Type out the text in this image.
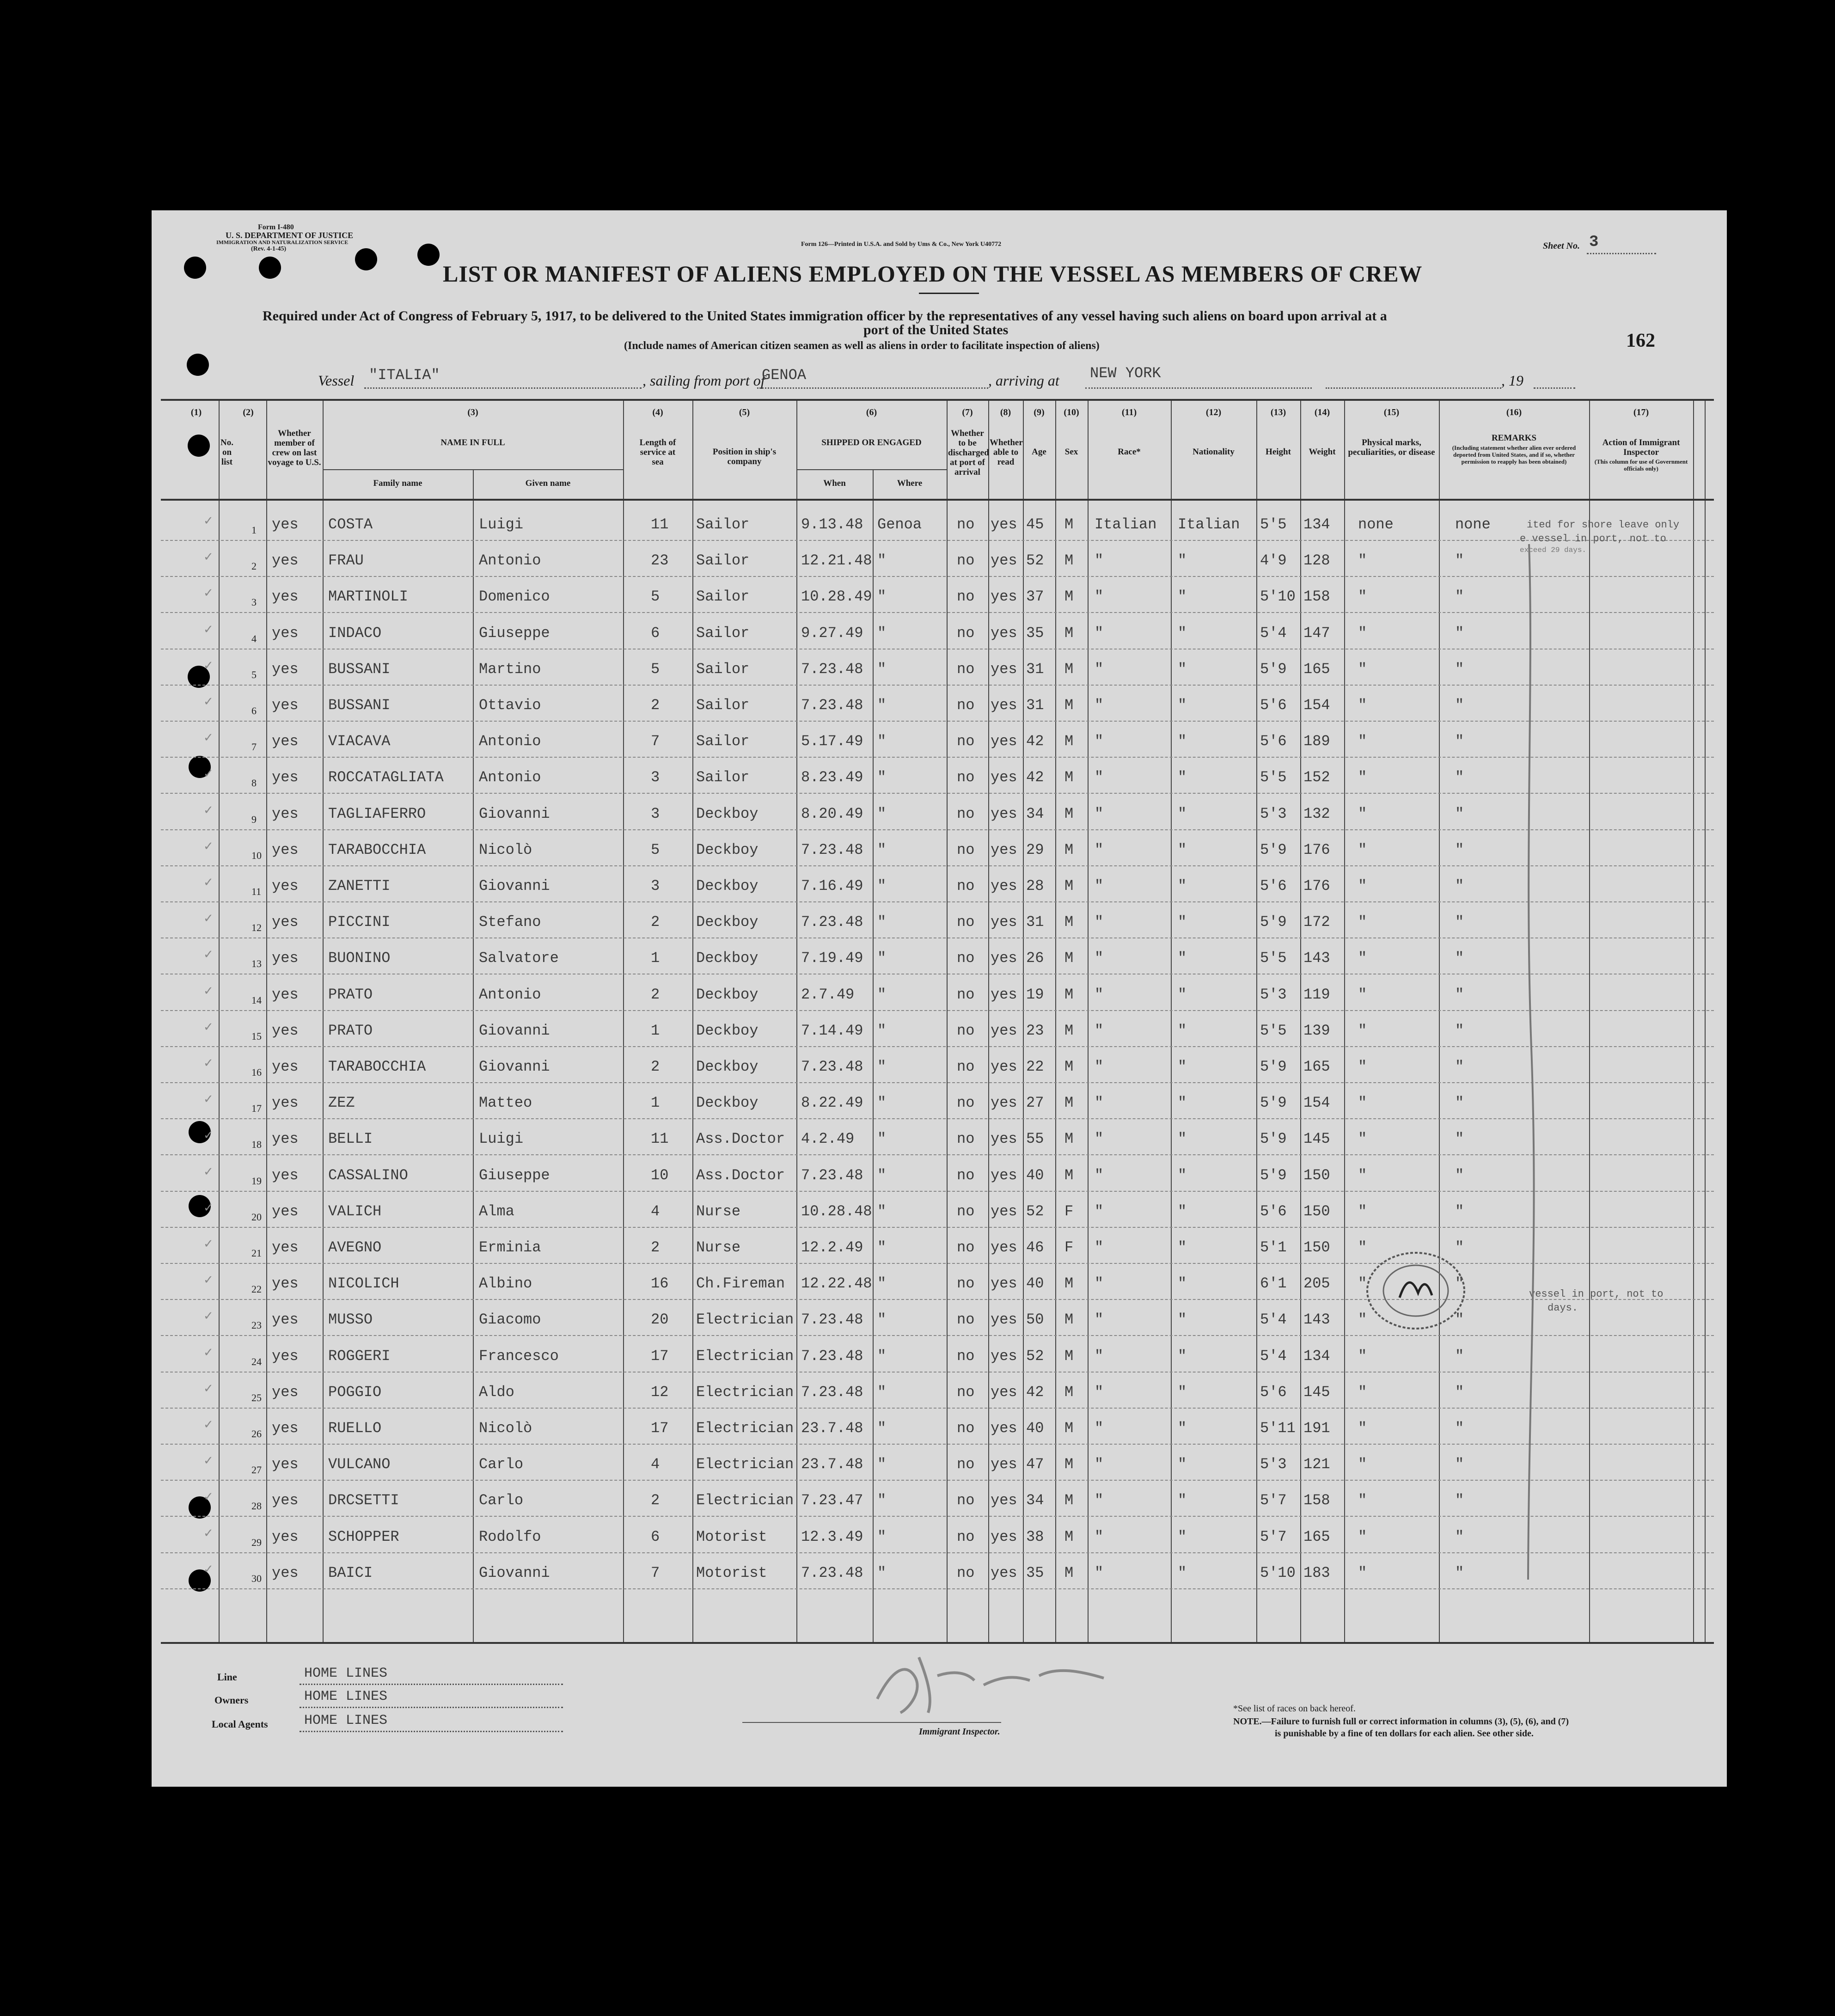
Form I-480
U. S. DEPARTMENT OF JUSTICE
IMMIGRATION AND NATURALIZATION SERVICE
(Rev. 4-1-45)
Form 126—Printed in U.S.A. and Sold by Ums & Co., New York U40772	Sheet No. 3
LIST OR MANIFEST OF ALIENS EMPLOYED ON THE VESSEL AS MEMBERS OF CREW
Required under Act of Congress of February 5, 1917, to be delivered to the United States immigration officer by the representatives of any vessel having such aliens on board upon arrival at a
port of the United States
(Include names of American citizen seamen as well as aliens in order to facilitate inspection of aliens)	162
Vessel "ITALIA"	, sailing from port of
GENOA	, arriving at NEW YORK	, 19
(1)	(2)	(3)	(4)	(5)	(6)	(7)	(8)	(9)	(10)	(11)	(12)	(13)	(14)	(15)	(16)	(17)
No. on list
Whether member of crew on last voyage to U.S.
NAME IN FULL
Family name	Given name
Length of service at sea
Position in ship's company
SHIPPED OR ENGAGED
When	Where
Whether to be discharged at port of arrival
Whether able to read
Age	Sex	Race*	Nationality	Height	Weight
Physical marks, peculiarities, or disease
REMARKS
(Including statement whether alien ever ordered deported from United States, and if so, whether permission to reapply has been obtained)
Action of Immigrant Inspector
(This column for use of Government officials only)
✓
1 yes COSTA	Luigi	11 Sailor	9.13.48 Genoa no yes 45 M Italian Italian 5'5 134 none	none
✓
2 yes FRAU	Antonio	23 Sailor	12.21.48 "	no yes 52 M "	"	4'9 128 "	"
✓
3 yes MARTINOLI	Domenico	5 Sailor	10.28.49 "	no yes 37 M "	"	5'10 158 "	"
✓
4 yes INDACO	Giuseppe	6 Sailor	9.27.49 "	no yes 35 M "	"	5'4 147 "	"
✓
5 yes BUSSANI	Martino	5 Sailor	7.23.48 "	no yes 31 M "	"	5'9 165 "	"
✓
6 yes BUSSANI	Ottavio	2 Sailor	7.23.48 "	no yes 31 M "	"	5'6 154 "	"
✓
7 yes VIACAVA	Antonio	7 Sailor	5.17.49 "	no yes 42 M "	"	5'6 189 "	"
✓
8 yes ROCCATAGLIATA Antonio	3 Sailor	8.23.49 "	no yes 42 M "	"	5'5 152 "	"
✓
9 yes TAGLIAFERRO	Giovanni	3 Deckboy	8.20.49 "	no yes 34 M "	"	5'3 132 "	"
✓
10 yes TARABOCCHIA	Nicolò	5 Deckboy	7.23.48 "	no yes 29 M "	"	5'9 176 "	"
✓
11 yes ZANETTI	Giovanni	3 Deckboy	7.16.49 "	no yes 28 M "	"	5'6 176 "	"
✓
12 yes PICCINI	Stefano	2 Deckboy	7.23.48 "	no yes 31 M "	"	5'9 172 "	"
✓
13 yes BUONINO	Salvatore	1 Deckboy	7.19.49 "	no yes 26 M "	"	5'5 143 "	"
✓
14 yes PRATO	Antonio	2 Deckboy	2.7.49 "	no yes 19 M "	"	5'3 119 "	"
✓
15 yes PRATO	Giovanni	1 Deckboy	7.14.49 "	no yes 23 M "	"	5'5 139 "	"
✓
16 yes TARABOCCHIA	Giovanni	2 Deckboy	7.23.48 "	no yes 22 M "	"	5'9 165 "	"
✓
17 yes ZEZ	Matteo	1 Deckboy	8.22.49 "	no yes 27 M "	"	5'9 154 "	"
✓
18 yes BELLI	Luigi	11 Ass.Doctor 4.2.49 "	no yes 55 M "	"	5'9 145 "	"
✓
19 yes CASSALINO	Giuseppe	10 Ass.Doctor 7.23.48 "	no yes 40 M "	"	5'9 150 "	"
✓
20 yes VALICH	Alma	4 Nurse	10.28.48 "	no yes 52 F "	"	5'6 150 "	"
✓
21 yes AVEGNO	Erminia	2 Nurse	12.2.49 "	no yes 46 F "	"	5'1 150 "	"
✓
22 yes NICOLICH	Albino	16 Ch.Fireman 12.22.48 "	no yes 40 M "	"	6'1 205 "	"
✓
23 yes MUSSO	Giacomo	20 Electrician 7.23.48 "	no yes 50 M "	"	5'4 143 "	"
✓
24 yes ROGGERI	Francesco	17 Electrician 7.23.48 "	no yes 52 M "	"	5'4 134 "	"
✓
25 yes POGGIO	Aldo	12 Electrician 7.23.48 "	no yes 42 M "	"	5'6 145 "	"
✓
26 yes RUELLO	Nicolò	17 Electrician 23.7.48 "	no yes 40 M "	"	5'11 191 "	"
✓
27 yes VULCANO	Carlo	4 Electrician 23.7.48 "	no yes 47 M "	"	5'3 121 "	"
✓
28 yes DRCSETTI	Carlo	2 Electrician 7.23.47 "	no yes 34 M "	"	5'7 158 "	"
✓
29 yes SCHOPPER	Rodolfo	6 Motorist 12.3.49 "	no yes 38 M "	"	5'7 165 "	"
✓
30 yes BAICI	Giovanni	7 Motorist 7.23.48 "	no yes 35 M "	"	5'10 183 "	"
ited for shore leave only
e vessel in port, not to
exceed 29 days.
vessel in port, not to
days.
Line	HOME LINES
Owners	HOME LINES
Local Agents	HOME LINES
Immigrant Inspector.
*See list of races on back hereof.
NOTE.—Failure to furnish full or correct information in columns (3), (5), (6), and (7)
is punishable by a fine of ten dollars for each alien. See other side.
